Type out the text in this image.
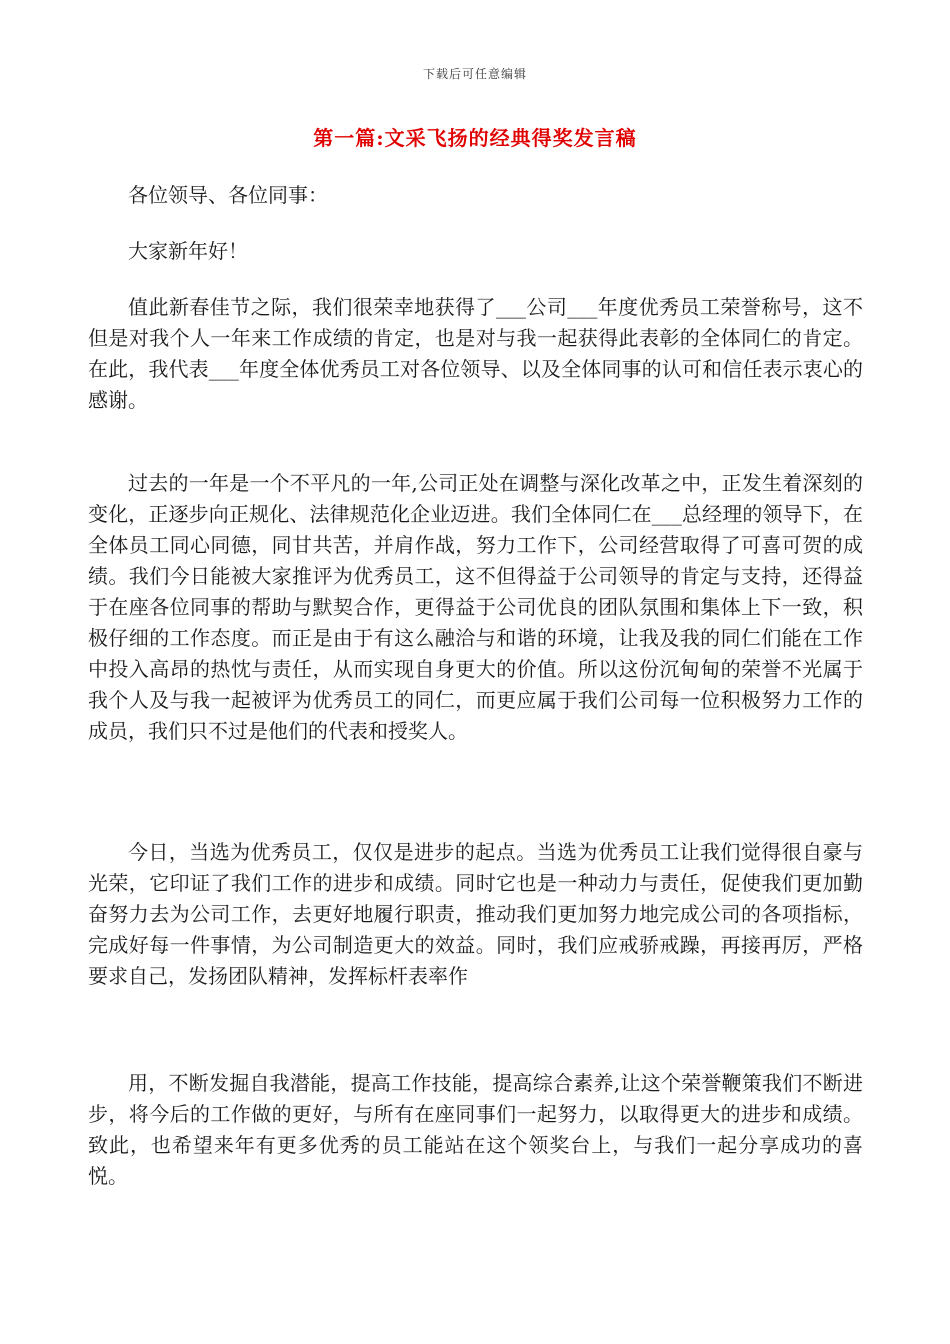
下载后可任意编辑
第一篇:文采飞扬的经典得奖发言稿

各位领导、各位同事：

大家新年好！

值此新春佳节之际，我们很荣幸地获得了___公司___年度优秀员工荣誉称号，这不但是对我个人一年来工作成绩的肯定，也是对与我一起获得此表彰的全体同仁的肯定。在此，我代表___年度全体优秀员工对各位领导、以及全体同事的认可和信任表示衷心的感谢。

过去的一年是一个不平凡的一年,公司正处在调整与深化改革之中，正发生着深刻的变化，正逐步向正规化、法律规范化企业迈进。我们全体同仁在___总经理的领导下，在全体员工同心同德，同甘共苦，并肩作战，努力工作下，公司经营取得了可喜可贺的成绩。我们今日能被大家推评为优秀员工，这不但得益于公司领导的肯定与支持，还得益于在座各位同事的帮助与默契合作，更得益于公司优良的团队氛围和集体上下一致，积极仔细的工作态度。而正是由于有这么融洽与和谐的环境，让我及我的同仁们能在工作中投入高昂的热忱与责任，从而实现自身更大的价值。所以这份沉甸甸的荣誉不光属于我个人及与我一起被评为优秀员工的同仁，而更应属于我们公司每一位积极努力工作的成员，我们只不过是他们的代表和授奖人。

今日，当选为优秀员工，仅仅是进步的起点。当选为优秀员工让我们觉得很自豪与光荣，它印证了我们工作的进步和成绩。同时它也是一种动力与责任，促使我们更加勤奋努力去为公司工作，去更好地履行职责，推动我们更加努力地完成公司的各项指标，完成好每一件事情，为公司制造更大的效益。同时，我们应戒骄戒躁，再接再厉，严格要求自己，发扬团队精神，发挥标杆表率作

用，不断发掘自我潜能，提高工作技能，提高综合素养,让这个荣誉鞭策我们不断进步，将今后的工作做的更好，与所有在座同事们一起努力，以取得更大的进步和成绩。致此，也希望来年有更多优秀的员工能站在这个领奖台上，与我们一起分享成功的喜悦。
